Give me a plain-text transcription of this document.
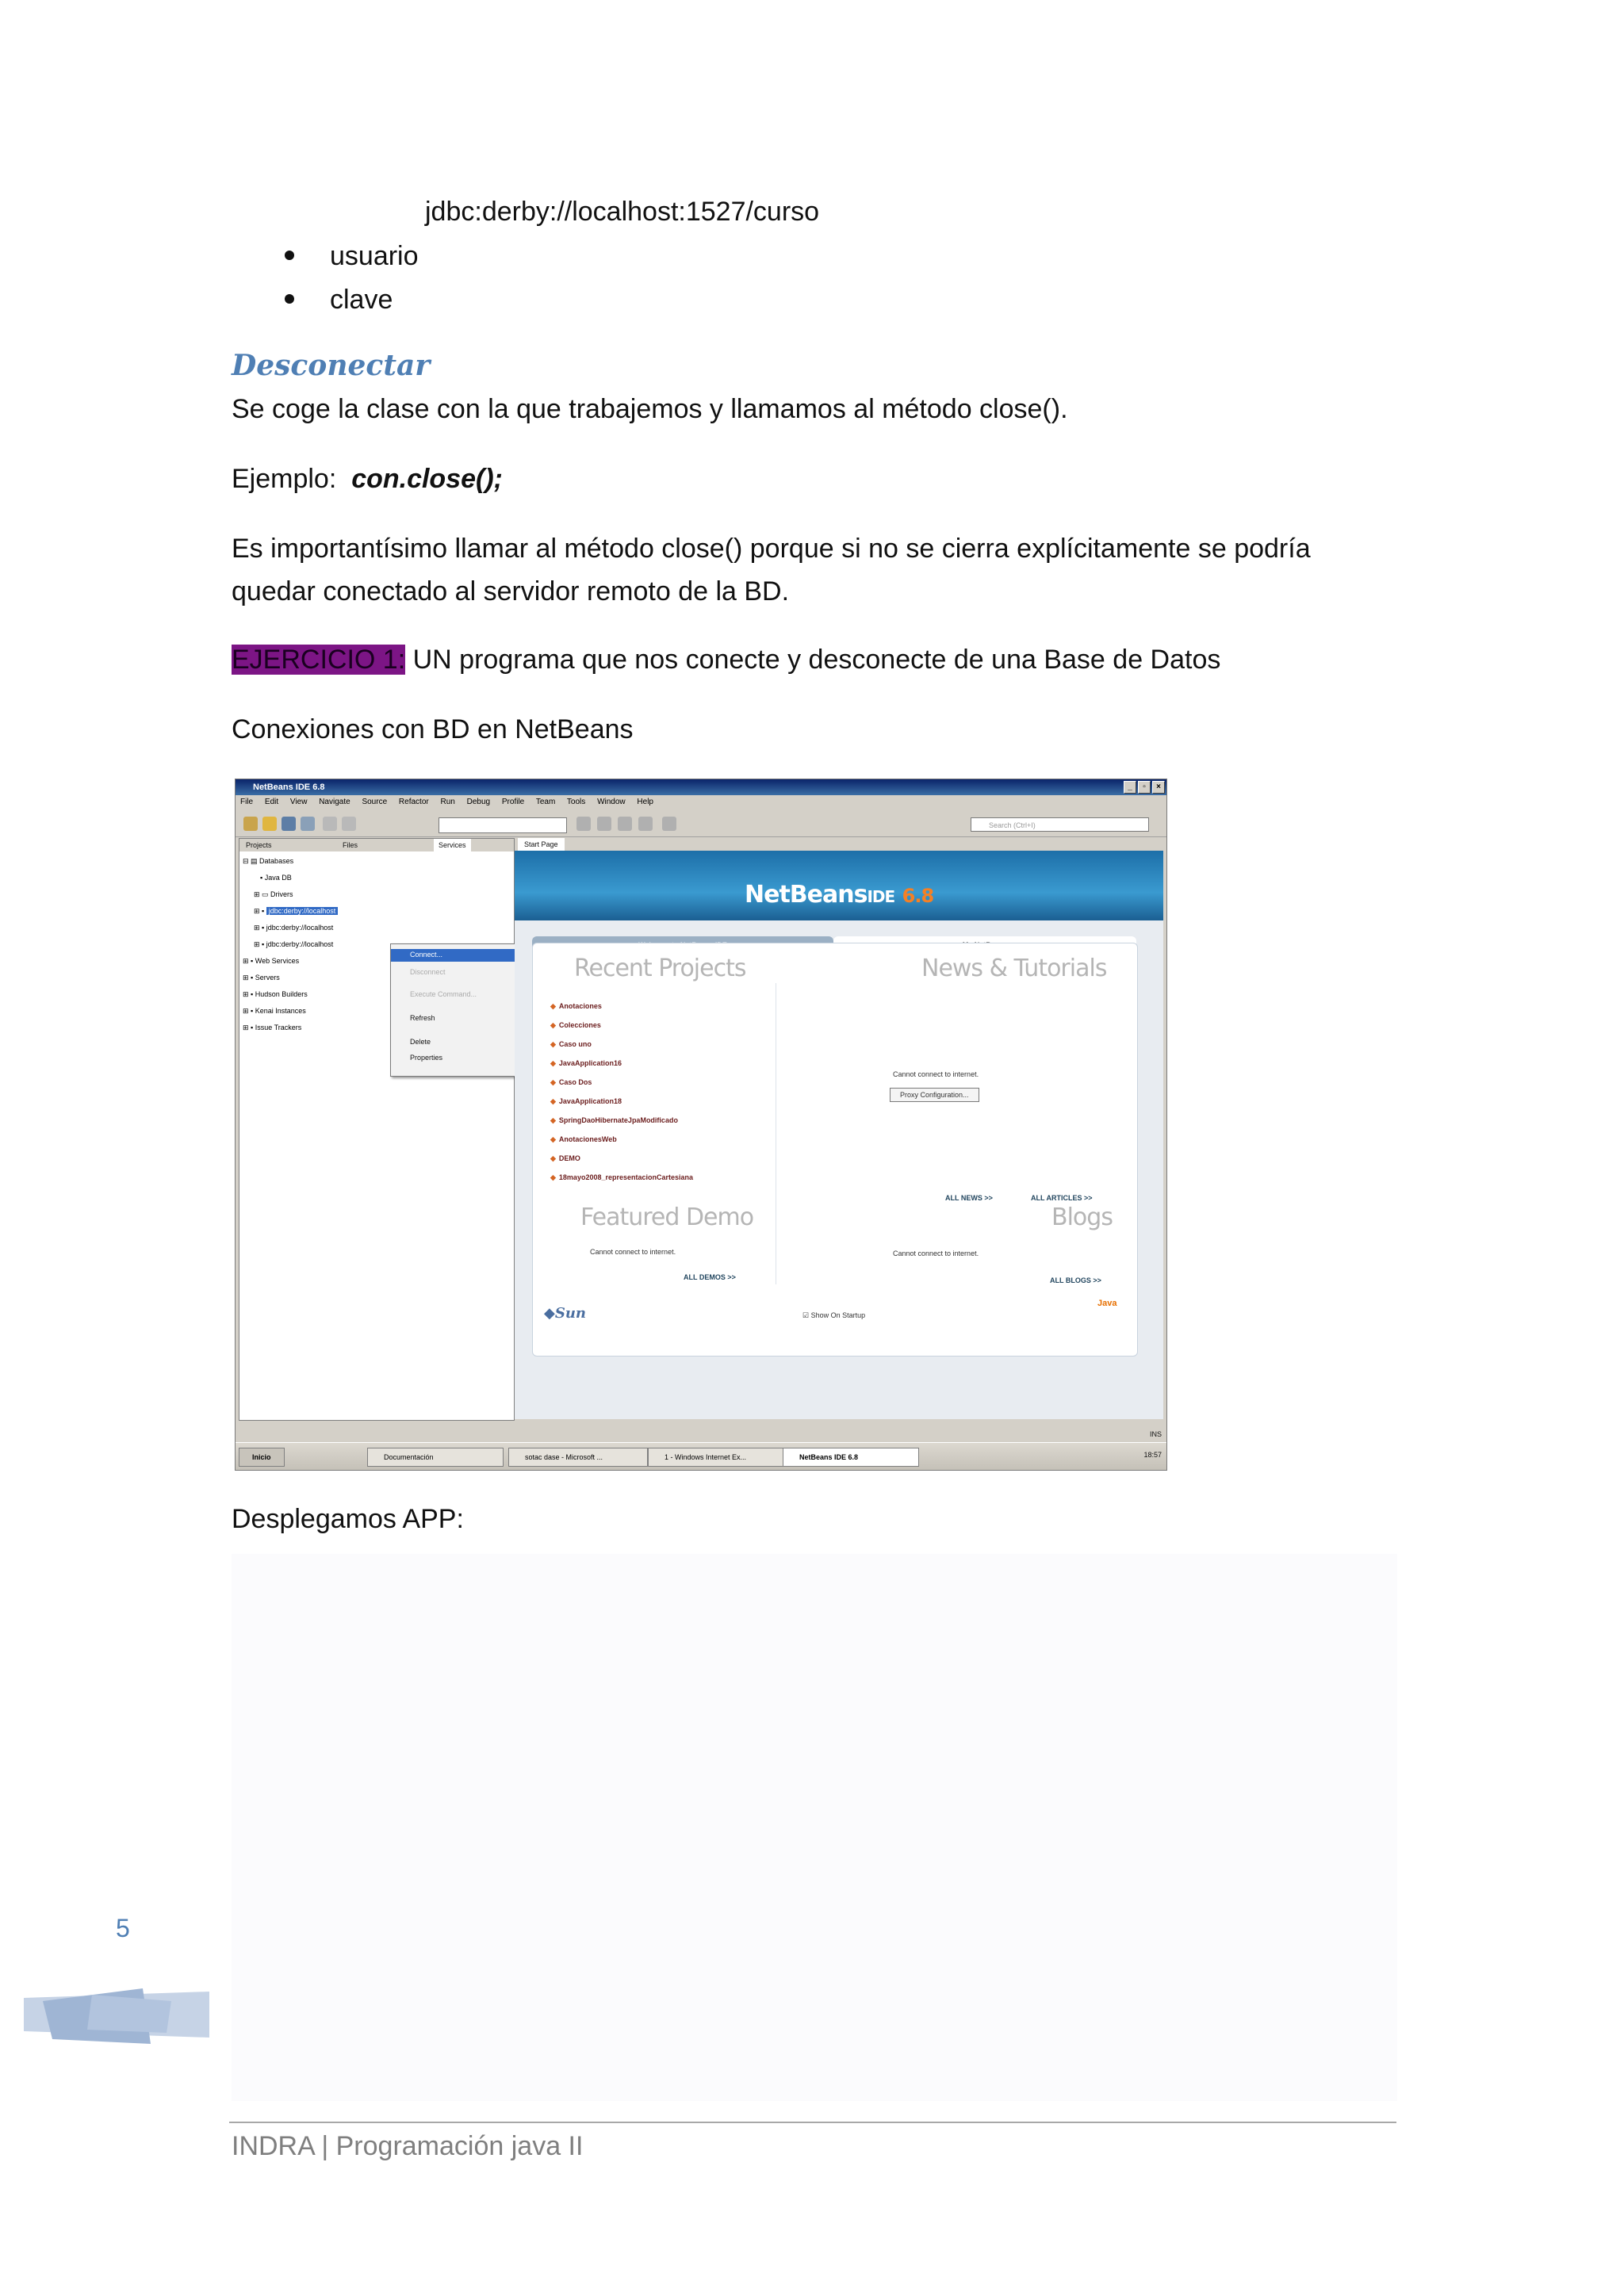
jdbc:derby://localhost:1527/curso
usuario
clave
Desconectar
Se coge la clase con la que trabajemos y llamamos al método close().
Ejemplo: con.close();
Es importantísimo llamar al método close() porque si no se cierra explícitamente se podría
quedar conectado al servidor remoto de la BD.
EJERCICIO 1: UN programa que nos conecte y desconecte de una Base de Datos
Conexiones con BD en NetBeans
NetBeans IDE 6.8	_	▫	×
File Edit View Navigate Source Refactor Run Debug Profile Team Tools Window Help
Search (Ctrl+I)
Projects	Files	Services
⊟ ▤ Databases
▪ Java DB
⊞ ▭ Drivers
⊞ ▪ jdbc:derby://localhost
⊞ ▪ jdbc:derby://localhost
⊞ ▪ jdbc:derby://localhost
⊞ ▪ Web Services
⊞ ▪ Servers
⊞ ▪ Hudson Builders
⊞ ▪ Kenai Instances
⊞ ▪ Issue Trackers
Connect...
Disconnect
Execute Command...
Refresh
Delete
Properties
Start Page
NetBeansIDE 6.8
Recent Projects	News & Tutorials
◆ Anotaciones
◆ Colecciones
◆ Caso uno
◆ JavaApplication16
◆ Caso Dos
◆ JavaApplication18
◆ SpringDaoHibernateJpaModificado
◆ AnotacionesWeb
◆ DEMO
◆ 18mayo2008_representacionCartesiana
Cannot connect to internet.
Proxy Configuration...
ALL NEWS >>	ALL ARTICLES >>
Featured Demo	Blogs
Cannot connect to internet.	Cannot connect to internet.
ALL DEMOS >>	ALL BLOGS >>
◆Sun	☑ Show On Startup
Java
INS
Inicio	Documentación	sotac dase - Microsoft ...	1 - Windows Internet Ex...	NetBeans IDE 6.8	18:57
Desplegamos APP:
5
INDRA | Programación java II
